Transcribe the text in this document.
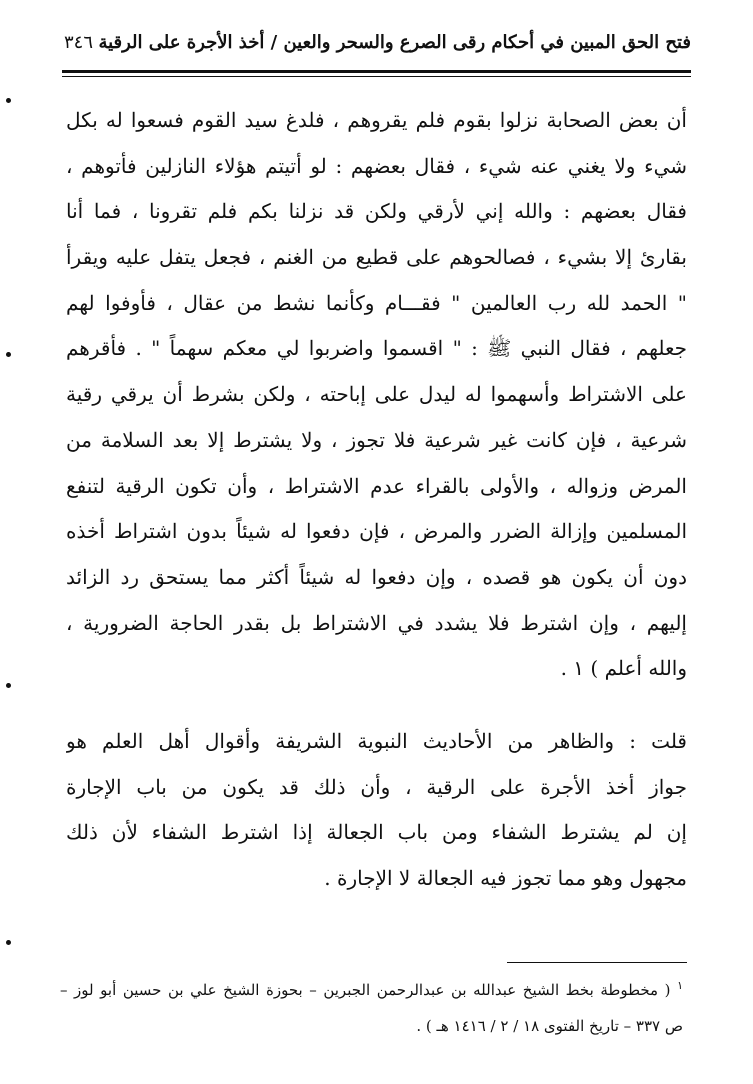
٣٤٦ فتح الحق المبين في أحكام رقى الصرع والسحر والعين / أخذ الأجرة على الرقية
أن بعض الصحابة نزلوا بقوم فلم يقروهم ، فلدغ سيد القوم فسعوا له بكل
شيء ولا يغني عنه شيء ، فقال بعضهم : لو أتيتم هؤلاء النازلين فأتوهم ،
فقال بعضهم : والله إني لأرقي ولكن قد نزلنا بكم فلم تقرونا ، فما أنا
بقارئ إلا بشيء ، فصالحوهم على قطيع من الغنم ، فجعل يتفل عليه ويقرأ
" الحمد لله رب العالمين " فقـــام وكأنما نشط من عقال ، فأوفوا لهم
جعلهم ، فقال النبي ﷺ : " اقسموا واضربوا لي معكم سهماً " . فأقرهم
على الاشتراط وأسهموا له ليدل على إباحته ، ولكن بشرط أن يرقي رقية
شرعية ، فإن كانت غير شرعية فلا تجوز ، ولا يشترط إلا بعد السلامة من
المرض وزواله ، والأولى بالقراء عدم الاشتراط ، وأن تكون الرقية لتنفع
المسلمين وإزالة الضرر والمرض ، فإن دفعوا له شيئاً بدون اشتراط أخذه
دون أن يكون هو قصده ، وإن دفعوا له شيئاً أكثر مما يستحق رد الزائد
إليهم ، وإن اشترط فلا يشدد في الاشتراط بل بقدر الحاجة الضرورية ،
والله أعلم ) ١ .
قلت : والظاهر من الأحاديث النبوية الشريفة وأقوال أهل العلم هو
جواز أخذ الأجرة على الرقية ، وأن ذلك قد يكون من باب الإجارة
إن لم يشترط الشفاء ومن باب الجعالة إذا اشترط الشفاء لأن ذلك
مجهول وهو مما تجوز فيه الجعالة لا الإجارة .
$^١$ ( مخطوطة بخط الشيخ عبدالله بن عبدالرحمن الجبرين – بحوزة الشيخ علي بن حسين أبو لوز –
ص ٣٣٧ – تاريخ الفتوى ١٨ / ٢ / ١٤١٦ هـ ) .
